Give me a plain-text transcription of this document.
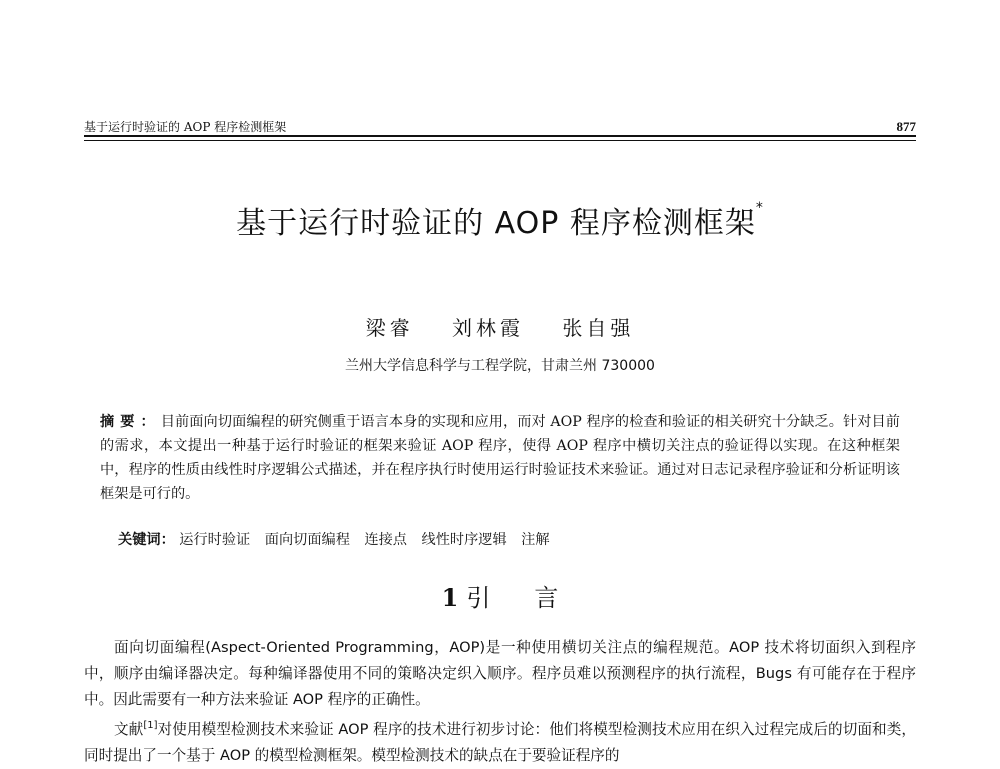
基于运行时验证的 AOP 程序检测框架	877
基于运行时验证的 AOP 程序检测框架*
梁睿 刘林霞 张自强
兰州大学信息科学与工程学院，甘肃兰州 730000
摘要：目前面向切面编程的研究侧重于语言本身的实现和应用，而对 AOP 程序的检查和验证的相关研究十分缺乏。针对目前的需求，本文提出一种基于运行时验证的框架来验证 AOP 程序，使得 AOP 程序中横切关注点的验证得以实现。在这种框架中，程序的性质由线性时序逻辑公式描述，并在程序执行时使用运行时验证技术来验证。通过对日志记录程序验证和分析证明该框架是可行的。
关键词： 运行时验证 面向切面编程 连接点 线性时序逻辑 注解
1 引 言

面向切面编程(Aspect-Oriented Programming，AOP)是一种使用横切关注点的编程规范。AOP 技术将切面织入到程序中，顺序由编译器决定。每种编译器使用不同的策略决定织入顺序。程序员难以预测程序的执行流程，Bugs 有可能存在于程序中。因此需要有一种方法来验证 AOP 程序的正确性。

文献[1]对使用模型检测技术来验证 AOP 程序的技术进行初步讨论：他们将模型检测技术应用在织入过程完成后的切面和类，同时提出了一个基于 AOP 的模型检测框架。模型检测技术的缺点在于要验证程序的
